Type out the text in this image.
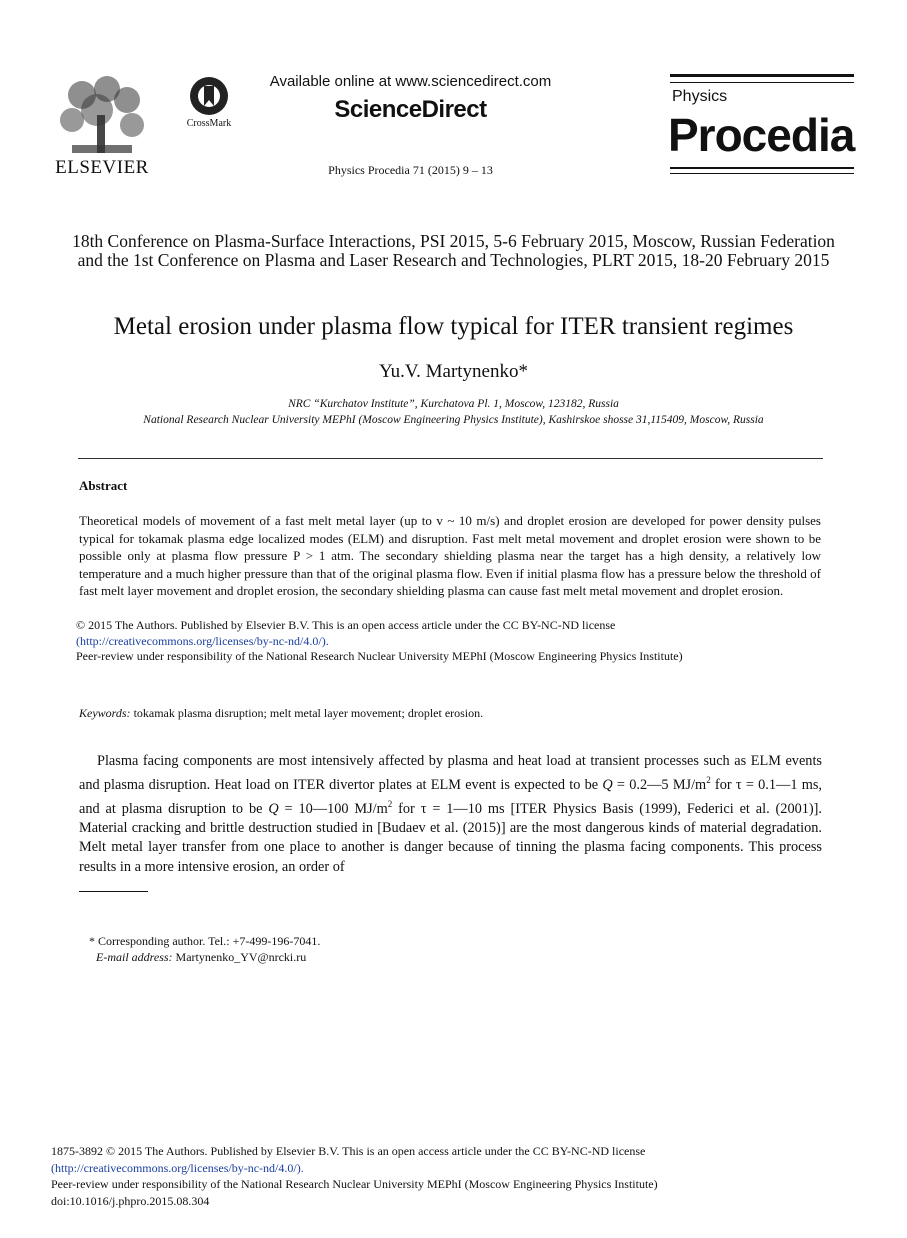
ELSEVIER
CrossMark
Available online at www.sciencedirect.com
ScienceDirect
Physics Procedia 71 (2015) 9 – 13
Physics
Procedia
18th Conference on Plasma-Surface Interactions, PSI 2015, 5-6 February 2015, Moscow, Russian Federation and the 1st Conference on Plasma and Laser Research and Technologies, PLRT 2015, 18-20 February 2015
Metal erosion under plasma flow typical for ITER transient regimes
Yu.V. Martynenko*
NRC “Kurchatov Institute”, Kurchatova Pl. 1, Moscow, 123182, Russia
National Research Nuclear University MEPhI (Moscow Engineering Physics Institute), Kashirskoe shosse 31,115409, Moscow, Russia
Abstract
Theoretical models of movement of a fast melt metal layer (up to v ~ 10 m/s) and droplet erosion are developed for power density pulses typical for tokamak plasma edge localized modes (ELM) and disruption. Fast melt metal movement and droplet erosion were shown to be possible only at plasma flow pressure P > 1 atm. The secondary shielding plasma near the target has a high density, a relatively low temperature and a much higher pressure than that of the original plasma flow. Even if initial plasma flow has a pressure below the threshold of fast melt layer movement and droplet erosion, the secondary shielding plasma can cause fast melt metal movement and droplet erosion.
© 2015 The Authors. Published by Elsevier B.V. This is an open access article under the CC BY-NC-ND license
(http://creativecommons.org/licenses/by-nc-nd/4.0/).
Peer-review under responsibility of the National Research Nuclear University MEPhI (Moscow Engineering Physics Institute)
Keywords: tokamak plasma disruption; melt metal layer movement; droplet erosion.
Plasma facing components are most intensively affected by plasma and heat load at transient processes such as ELM events and plasma disruption. Heat load on ITER divertor plates at ELM event is expected to be Q = 0.2—5 $MJ/m^2$ for τ = 0.1—1 ms, and at plasma disruption to be Q = 10—100 $MJ/m^2$ for τ = 1—10 ms [ITER Physics Basis (1999), Federici et al. (2001)]. Material cracking and brittle destruction studied in [Budaev et al. (2015)] are the most dangerous kinds of material degradation. Melt metal layer transfer from one place to another is danger because of tinning the plasma facing components. This process results in a more intensive erosion, an order of
* Corresponding author. Tel.: +7-499-196-7041.
E-mail address: Martynenko_YV@nrcki.ru
1875-3892 © 2015 The Authors. Published by Elsevier B.V. This is an open access article under the CC BY-NC-ND license
(http://creativecommons.org/licenses/by-nc-nd/4.0/).
Peer-review under responsibility of the National Research Nuclear University MEPhI (Moscow Engineering Physics Institute)
doi:10.1016/j.phpro.2015.08.304
